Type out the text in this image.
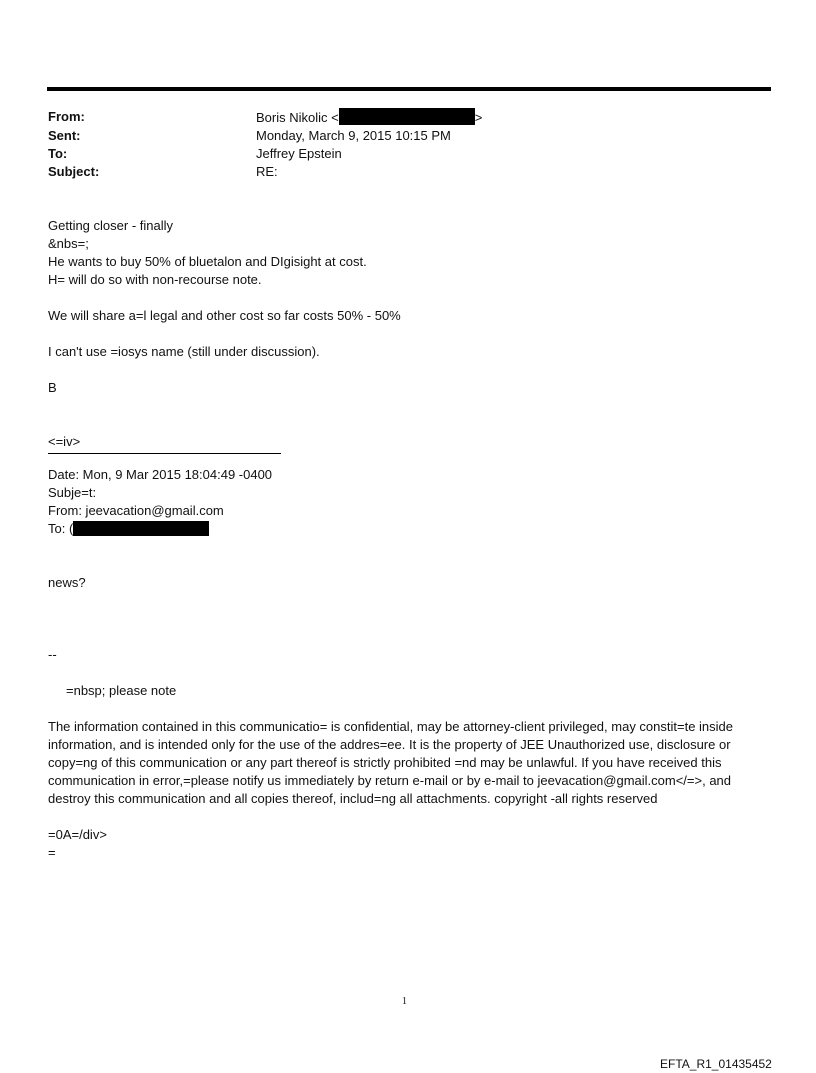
From:	Boris Nikolic <	>
Sent:	Monday, March 9, 2015 10:15 PM
To:	Jeffrey Epstein
Subject:	RE:
Getting closer - finally
&nbs=;
He wants to buy 50% of bluetalon and DIgisight at cost.
H= will do so with non-recourse note.
We will share a=l legal and other cost so far costs 50% - 50%
I can't use =iosys name (still under discussion).
B
<=iv>
Date: Mon, 9 Mar 2015 18:04:49 -0400
Subje=t:
From: jeevacation@gmail.com
To: (
news?
--
=nbsp; please note
The information contained in this communicatio= is confidential, may be attorney-client privileged, may constit=te inside information, and is intended only for the use of the addres=ee. It is the property of JEE Unauthorized use, disclosure or copy=ng of this communication or any part thereof is strictly prohibited =nd may be unlawful. If you have received this communication in error,=please notify us immediately by return e-mail or by e-mail to jeevacation@gmail.com</=>, and destroy this communication and all copies thereof, includ=ng all attachments. copyright -all rights reserved
=0A=/div>
=
1
EFTA_R1_01435452
